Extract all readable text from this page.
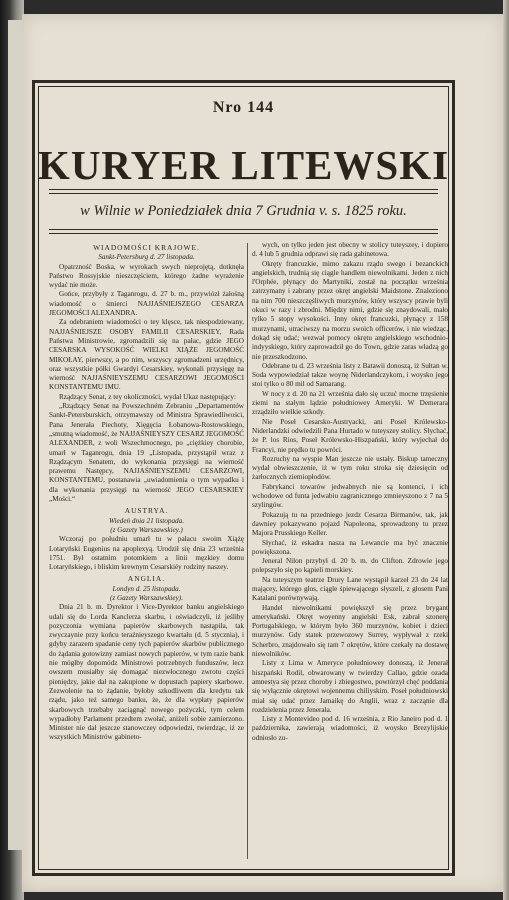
Nro 144
KURYER LITEWSKI
w Wilnie w Poniedziałek dnia 7 Grudnia v. s. 1825 roku.
WIADOMOŚCI KRAJOWE.
Sankt-Petersburg d. 27 listopada.

Opatrzność Boska, w wyrokach swych nieprojętą, dotknęła Państwo Rossyjskie nieszczęściem, którego żadne wyrażenie wydać nie może.

Gońce, przybyły z Taganrogu, d. 27 b. m., przywiózł żałośną wiadomość o śmierci NAJJAŚNIEJSZEGO CESARZA JEGOMOŚCI ALEXANDRA.

Za odebraniem wiadomości o tey klęsce, tak niespodziewany, NAJJAŚNIEJSZE OSOBY FAMILII CESARSKIEY, Rada Państwa Ministrowie, zgromadzili się na pałac, gdzie JEGO CESARSKA WYSOKOŚĆ WIELKI XIĄŻE JEGOMOŚĆ MIKOŁAY, pierwszy, a po nim, wszyscy zgromadzeni urzędnicy, oraz wszystkie półki Gwardyi Cesarskiey, wykonali przysięgę na wierność NAJJAŚNIEYSZEMU CESARZOWI JEGOMOŚCI KONSTANTEMU IMU.

Rządzący Senat, z tey okoliczności, wydał Ukaz następujący:

„Rządzący Senat na Powszechném Zebraniu „Departamentów Sankt-Petersburskich, otrzymawszy od Ministra Sprawiedliwości, Pana Jenerała Piechoty, Xięgęcia Łobanowa-Rostowskiego, „smutną wiadomość, że NAJJAŚNIEYSZY CESARZ JEGOMOŚĆ ALEXANDER, z woli Wszechmocnego, po „ciężkiey chorobie, umarł w Taganrogu, dnia 19 „Listopada, przystąpił wraz z Rządzącym Senatem, do wykonania przysięgi na wierność prawemu Następcy, NAJJAŚNIEYSZEMU CESARZOWI, KONSTANTEMU, postanawia „uwiadomienia o tym wypadku i dla wykonania przysięgi na wierność JEGO CESARSKIEY „Mości.“

AUSTRYA.
Wiedeń dnia 21 listopada.
(z Gazety Warszawskiey.)

Wczoraj po południu umarł tu w pałacu swoim Xiążę Lotaryński Eugenius na apoplexyą. Urodził się dnia 23 września 1751. Był ostatnim potomkiem a linii męzkiey domu Lotaryńskiego, i bliskim krewnym Cesarskiéy rodziny naszey.

ANGLIA.
Londyn d. 25 listopada.
(z Gazety Warszawskiey).

Dnia 21 b. m. Dyrektor i Vice-Dyrektor banku angielskiego udali się do Lorda Kanclerza skarbu, i oświadczyli, iż jeśliby pozyczonia wymiana papierów skarbowych nastąpiła, tak zwyczaynie przy końcu teraźnieyszego kwartału (d. 5 stycznia), i gdyby zarazem spadanie ceny tych papierów skarbów publicznego do żądania gotowizny zamiast nowych papierów, w tym razie bank nie mógłby dopomódz Ministrowi potrzebnych funduszów, lecz owszem musiałby się domagać niezwłocznego zwrotu części pieniędzy, jakie dał na zakupione w dopustach papiery skarbowe. Zezwolenie na to żądanie, byłoby szkodliwem dla kredytu tak rządu, jako też samego banku, że, że dla wypłaty papierów skarbowych trzebaby zaciągnąć nowego pożyczki, tym celem wypadłoby Parlament przedtem zwołać, aniżeli sobie zamierzono. Minister nie dał jeszcze stanowczey odpowiedzi, twierdząc, iż ze wszystkich Ministrów gabineto-

wych, on tylko jeden jest obecny w stolicy tuteyszey, i dopiero d. 4 lub 5 grudnia odprawi się rada gabinetowa.

Okręty francuzkie, mimo zakazu rządu swego i bezanckich angielskich, trudnią się ciągle handlem niewolnikami. Jeden z nich l'Orphée, płynący do Martyniki, został na początku września zatrzymany i zabrany przez okręt angielski Maidstone. Znaleziono na nim 700 nieszczęśliwych murzynów, który wszyscy prawie byli okuci w razy i zbrodni. Między nimi, gdzie się znaydowali, mało tylko 5 stopy wysokości. Inny okręt francuzki, płynący z 158 murzynami, utraciwszy na morzu swoich officerów, i nie wiedząc, dokąd się udać; wezwał pomocy okrętu angielskiego wschodnio-indyyskiego, który zaprowadził go do Town, gdzie zaras władzą go nie przeszkodzono.

Odebrane tu d. 23 września listy z Batawii donoszą, iż Sułtan w. Soda wypowiedział takze woynę Niderlandczykom, i woysko jego stoi tylko o 80 mil od Samarang.

W nocy z d. 20 na 21 września dało się uczuć mocne trzęsienie ziemi na stałym lądzie południowey Ameryki. W Demerara zrządziło wielkie szkody.

Nie Poseł Cesarsko-Austryacki, ani Poseł Królewsko-Niderlandzki odwiedzili Pana Hurtado w tuteyszey stolicy. Słychać, że P. los Rios, Poseł Królewsko-Hiszpański, który wyjechał do Francyi, nie prędko tu powróci.

Rozruchy na wyspie Man jeszcze nie ustały. Biskup tameczny wydał obwieszczenie, iż w tym roku stroka się dziesięcin od żarłocznych ziemiopłodów.

Fabrykanci towarów jedwabnych nie są kontenci, i ich wchodowe od funta jedwabiu zagranicznego zmnieyszono z 7 na 5 szylingów.

Pokazują tu na przedniego jezdz Cesarza Birmanów, tak, jak dawniey pokazywano pojazd Napoleona, sprowadzony tu przez Majora Prusskiego Keller.

Słychać, iż eskadra nasza na Lewancie ma być znacznie powiększona.

Jeneral Nilon przybył d. 20 b. m. do Clifton. Zdrowie jego polepszyło się po kąpieli morskiey.

Na tuteyszym teatrze Drury Lane wystąpił karzeł 23 do 24 lat mającey, którego głos, ciągle śpiewającego słyszeli, z głosem Pani Katalani porównywają.

Handel niewolnikami powiększył się przez brygant amerykański. Okręt woyenny angielski Esk, zabrał szonerę Portugalskiego, w którym było 360 murzynów, kobiet i dzieci murzynów. Gdy statek przewozowy Surrey, wypływał z rzeki Scherbro, znajdowało się tam 7 okrętów, które czekały na dostawę niewolników.

Listy z Lima w Ameryce południowey donoszą, iż Jenerał hiszpański Rodil, obwarowany w twierdzy Callao, gdzie ozada amnestya się przez choroby i zbiegostwo, powtórzył chęć poddania się wyłącznie okrętowi wojennemu chiliyskim. Poseł południowski miał się udać przez Jamaikę do Anglii, wraz z zacząnie dla rozdzielenia przez Jenerała.

Listy z Montevideo pod d. 16 września, z Rio Janeiro pod d. 1 października, zawierają wiadomości, iż woysko Brezylijskie odniosło zu-
